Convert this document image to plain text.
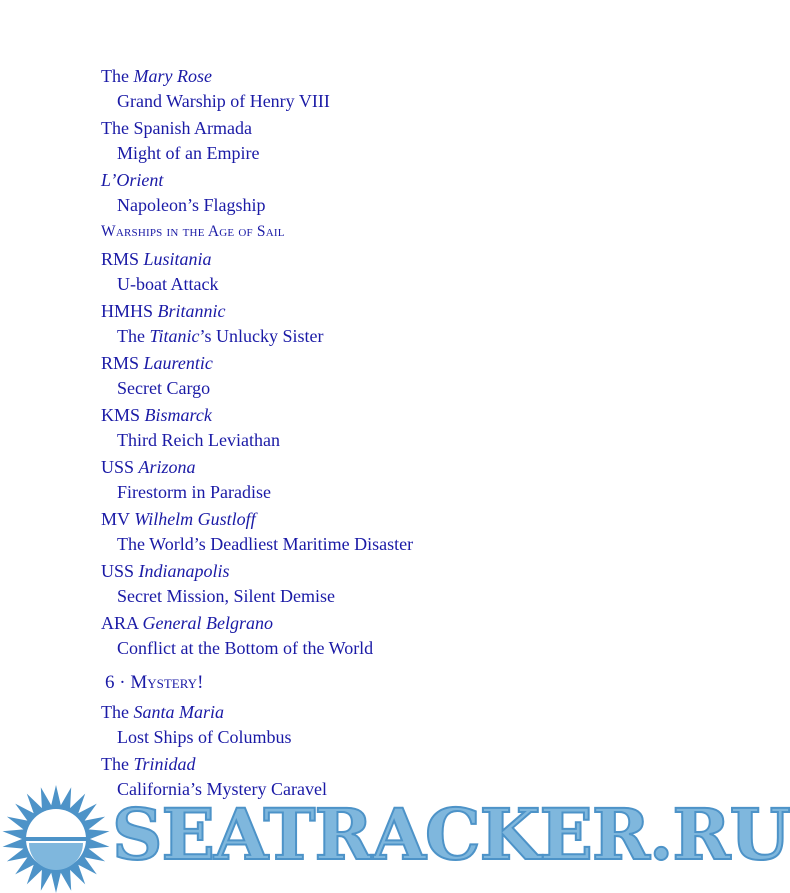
The Mary Rose
Grand Warship of Henry VIII
The Spanish Armada
Might of an Empire
L’Orient
Napoleon’s Flagship
Warships in the Age of Sail
RMS Lusitania
U-boat Attack
HMHS Britannic
The Titanic’s Unlucky Sister
RMS Laurentic
Secret Cargo
KMS Bismarck
Third Reich Leviathan
USS Arizona
Firestorm in Paradise
MV Wilhelm Gustloff
The World’s Deadliest Maritime Disaster
USS Indianapolis
Secret Mission, Silent Demise
ARA General Belgrano
Conflict at the Bottom of the World
6 · Mystery!
The Santa Maria
Lost Ships of Columbus
The Trinidad
California’s Mystery Caravel
SEATRACKER.RU
